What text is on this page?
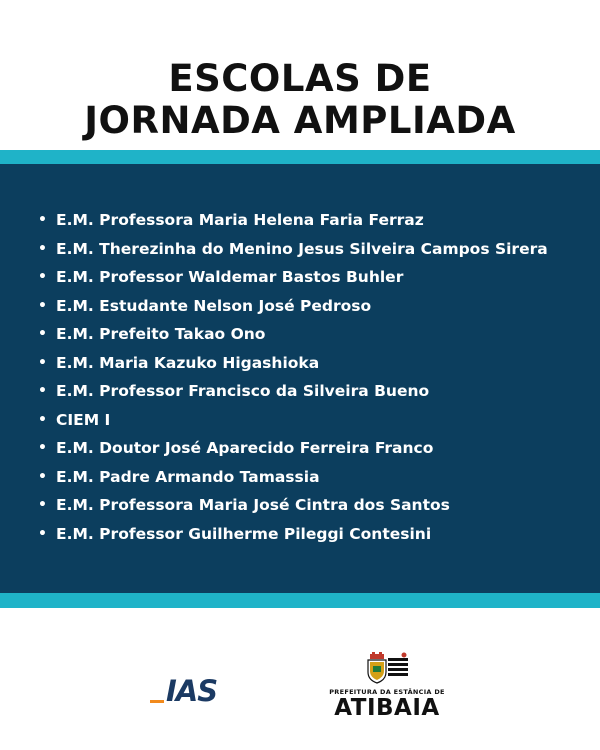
ESCOLAS DE
JORNADA AMPLIADA
• E.M. Professora Maria Helena Faria Ferraz
• E.M. Therezinha do Menino Jesus Silveira Campos Sirera
• E.M. Professor Waldemar Bastos Buhler
• E.M. Estudante Nelson José Pedroso
• E.M. Prefeito Takao Ono
• E.M. Maria Kazuko Higashioka
• E.M. Professor Francisco da Silveira Bueno
• CIEM I
• E.M. Doutor José Aparecido Ferreira Franco
• E.M. Padre Armando Tamassia
• E.M. Professora Maria José Cintra dos Santos
• E.M. Professor Guilherme Pileggi Contesini
IAS	PREFEITURA DA ESTÂNCIA DE
ATIBAIA
